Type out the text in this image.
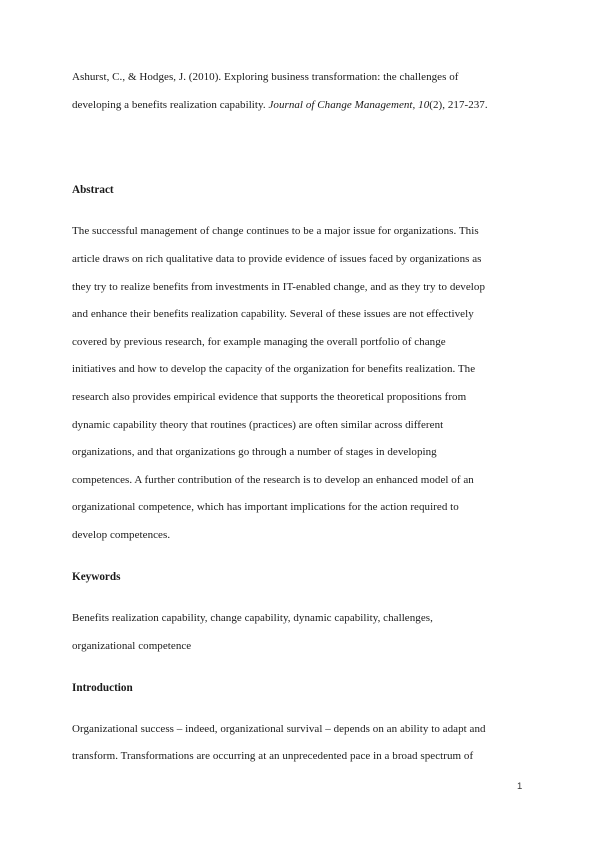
Ashurst, C., & Hodges, J. (2010). Exploring business transformation: the challenges of
developing a benefits realization capability. Journal of Change Management, 10(2), 217-237.
Abstract
The successful management of change continues to be a major issue for organizations. This
article draws on rich qualitative data to provide evidence of issues faced by organizations as
they try to realize benefits from investments in IT-enabled change, and as they try to develop
and enhance their benefits realization capability. Several of these issues are not effectively
covered by previous research, for example managing the overall portfolio of change
initiatives and how to develop the capacity of the organization for benefits realization. The
research also provides empirical evidence that supports the theoretical propositions from
dynamic capability theory that routines (practices) are often similar across different
organizations, and that organizations go through a number of stages in developing
competences. A further contribution of the research is to develop an enhanced model of an
organizational competence, which has important implications for the action required to
develop competences.
Keywords
Benefits realization capability, change capability, dynamic capability, challenges,
organizational competence
Introduction
Organizational success – indeed, organizational survival – depends on an ability to adapt and
transform. Transformations are occurring at an unprecedented pace in a broad spectrum of
1
